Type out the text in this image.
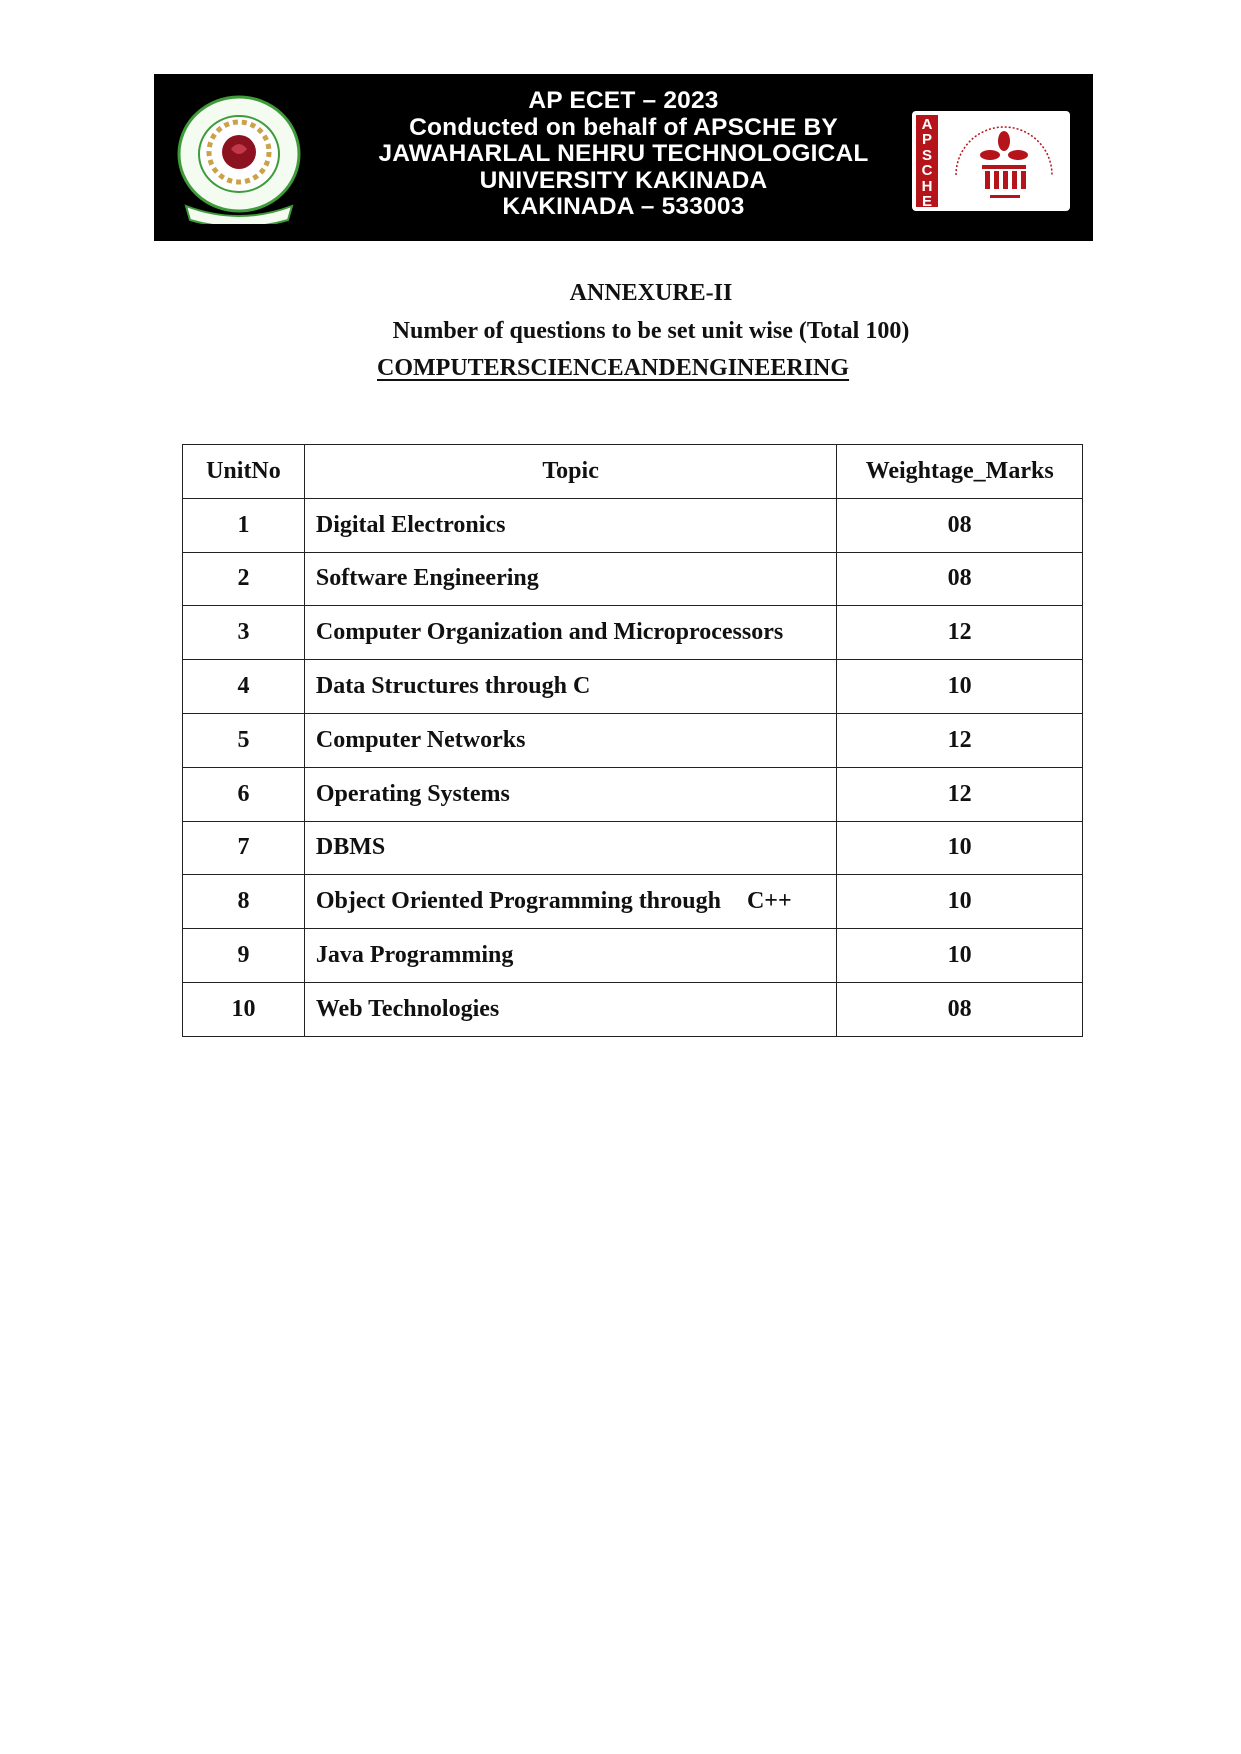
AP ECET – 2023
Conducted on behalf of APSCHE BY
JAWAHARLAL NEHRU TECHNOLOGICAL
UNIVERSITY KAKINADA
KAKINADA – 533003
A
P
S
C
H
E
ANNEXURE-II
Number of questions to be set unit wise (Total 100)
COMPUTERSCIENCEANDENGINEERING
UnitNo	Topic	Weightage_Marks
1	Digital Electronics	08
2	Software Engineering	08
3	Computer Organization and Microprocessors	12
4	Data Structures through C	10
5	Computer Networks	12
6	Operating Systems	12
7	DBMS	10
8	Object Oriented Programming through C++	10
9	Java Programming	10
10	Web Technologies	08
